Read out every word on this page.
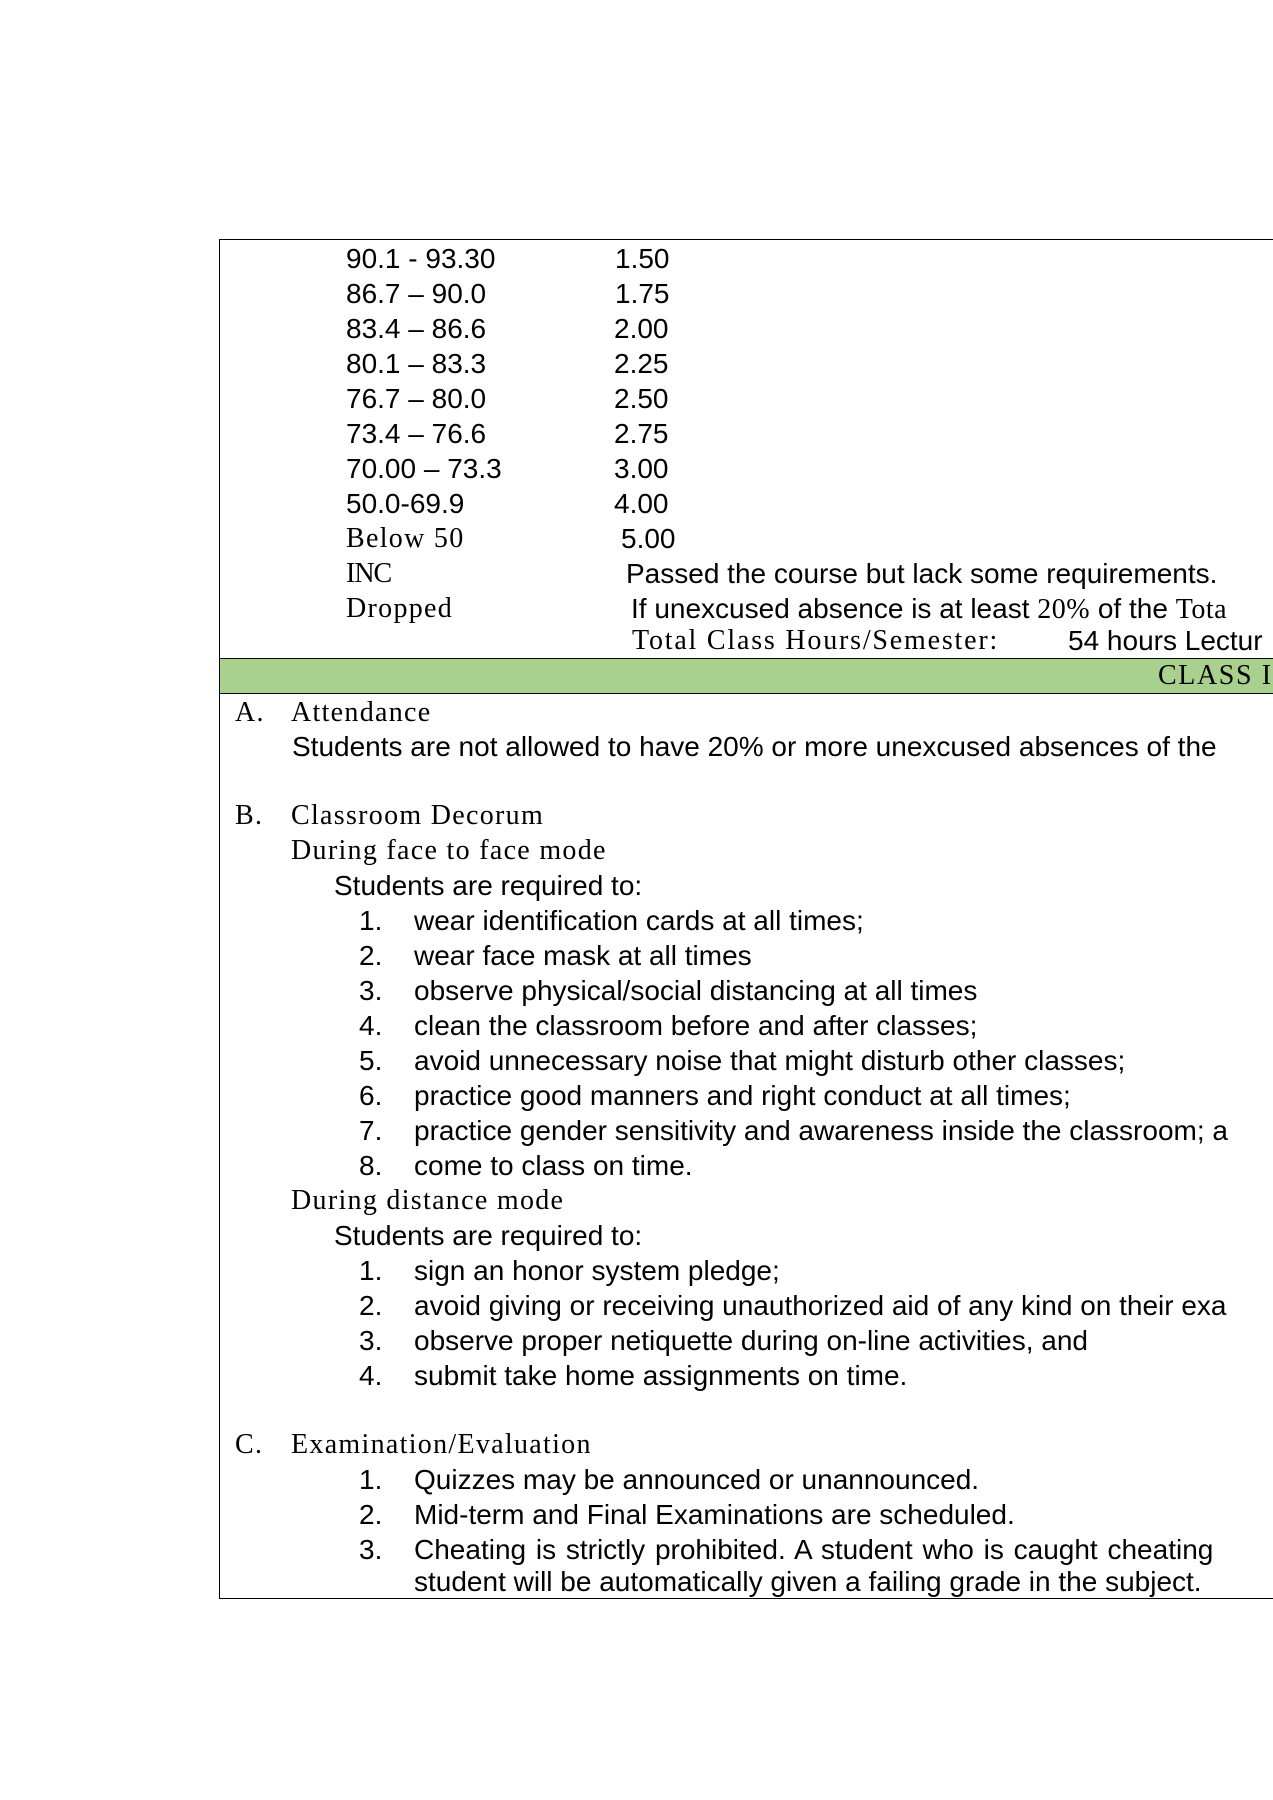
90.1 - 93.30	1.50
86.7 – 90.0	1.75
83.4 – 86.6	2.00
80.1 – 83.3	2.25
76.7 – 80.0	2.50
73.4 – 76.6	2.75
70.00 – 73.3	3.00
50.0-69.9	4.00
Below 50	5.00
INC	Passed the course but lack some requirements.
Dropped	If unexcused absence is at least 20% of the Tota
Total Class Hours/Semester: 54 hours Lectur
CLASS I
A. Attendance
Students are not allowed to have 20% or more unexcused absences of the
B. Classroom Decorum
During face to face mode
Students are required to:
1. wear identification cards at all times;
2. wear face mask at all times
3. observe physical/social distancing at all times
4. clean the classroom before and after classes;
5. avoid unnecessary noise that might disturb other classes;
6. practice good manners and right conduct at all times;
7. practice gender sensitivity and awareness inside the classroom; a
8. come to class on time.
During distance mode
Students are required to:
1. sign an honor system pledge;
2. avoid giving or receiving unauthorized aid of any kind on their exa
3. observe proper netiquette during on-line activities, and
4. submit take home assignments on time.
C. Examination/Evaluation
1. Quizzes may be announced or unannounced.
2. Mid-term and Final Examinations are scheduled.
3. Cheating is strictly prohibited. A student who is caught cheating
student will be automatically given a failing grade in the subject.
